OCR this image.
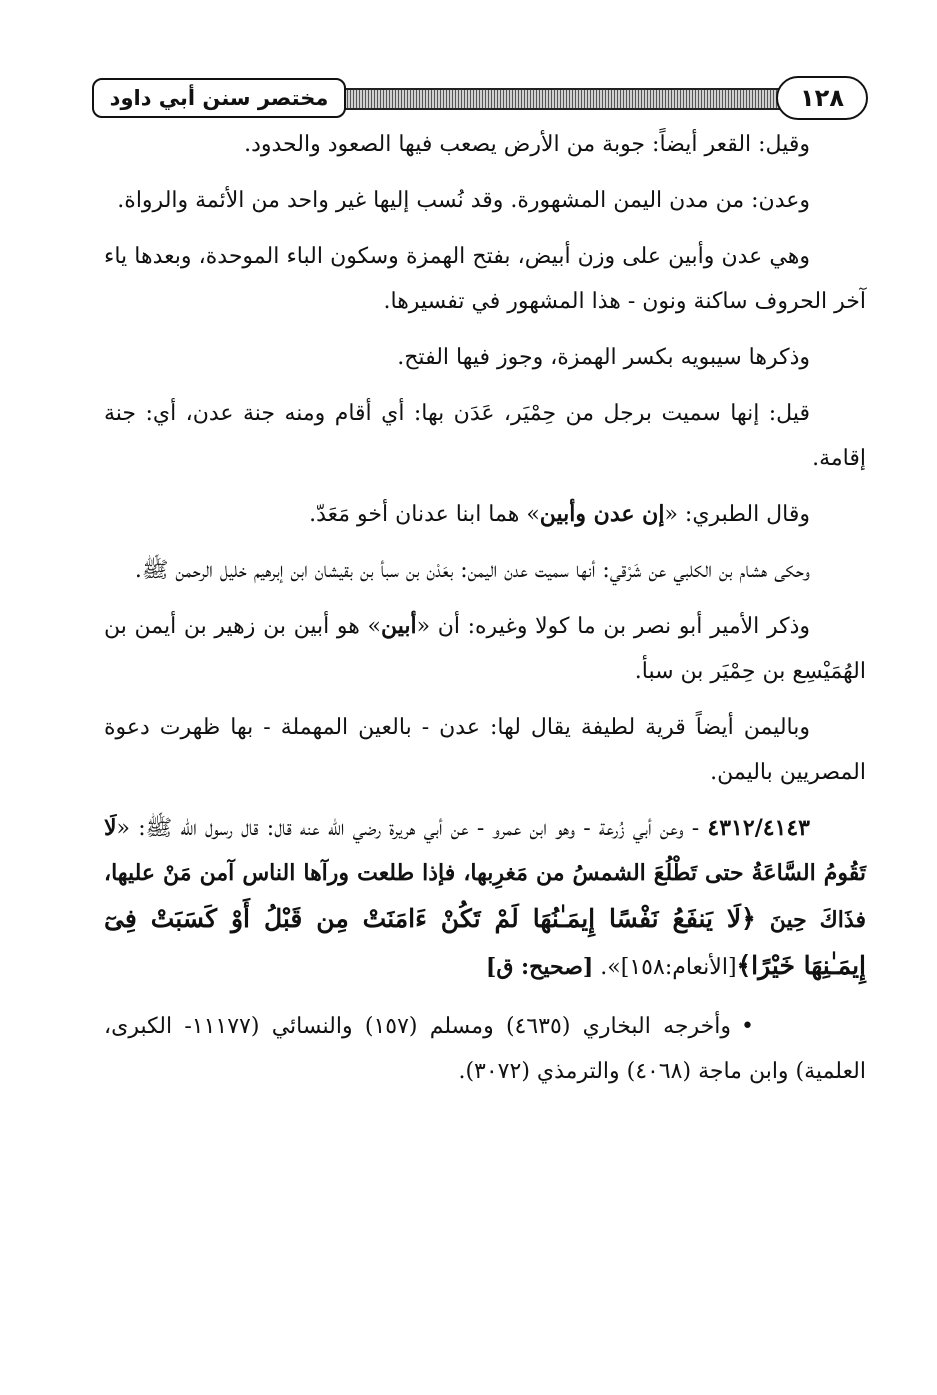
مختصر سنن أبي داود	١٢٨

وقيل: القعر أيضاً: جوبة من الأرض يصعب فيها الصعود والحدود.

وعدن: من مدن اليمن المشهورة. وقد نُسب إليها غير واحد من الأئمة والرواة.

وهي عدن وأبين على وزن أبيض، بفتح الهمزة وسكون الباء الموحدة، وبعدها ياء آخر الحروف ساكنة ونون - هذا المشهور في تفسيرها.

وذكرها سيبويه بكسر الهمزة، وجوز فيها الفتح.

قيل: إنها سميت برجل من حِمْيَر، عَدَن بها: أي أقام ومنه جنة عدن، أي: جنة إقامة.

وقال الطبري: «إن عدن وأبين» هما ابنا عدنان أخو مَعَدّ.

وحكى هشام بن الكلبي عن شَرْقي: أنها سميت عدن اليمن: بعَدْن بن سبأ بن بقيشان ابن إبرهيم خليل الرحمن ﷺ.

وذكر الأمير أبو نصر بن ما كولا وغيره: أن «أبين» هو أبين بن زهير بن أيمن بن الهُمَيْسِع بن حِمْيَر بن سبأ.

وباليمن أيضاً قرية لطيفة يقال لها: عدن - بالعين المهملة - بها ظهرت دعوة المصريين باليمن.

٤٣١٢/٤١٤٣ - وعن أبي زُرعة - وهو ابن عمرو - عن أبي هريرة رضي الله عنه قال: قال رسول الله ﷺ: «لَا تَقُومُ السَّاعَةُ حتى تَطْلُعَ الشمسُ من مَغرِبها، فإذا طلعت ورآها الناس آمن مَنْ عليها، فذَاكَ حِينَ ﴿لَا يَنفَعُ نَفْسًا إِيمَـٰنُهَا لَمْ تَكُنْ ءَامَنَتْ مِن قَبْلُ أَوْ كَسَبَتْ فِىٓ إِيمَـٰنِهَا خَيْرًا﴾[الأنعام:١٥٨]». [صحيح: ق]

•وأخرجه البخاري (٤٦٣٥) ومسلم (١٥٧) والنسائي (١١١٧٧- الكبرى، العلمية) وابن ماجة (٤٠٦٨) والترمذي (٣٠٧٢).
